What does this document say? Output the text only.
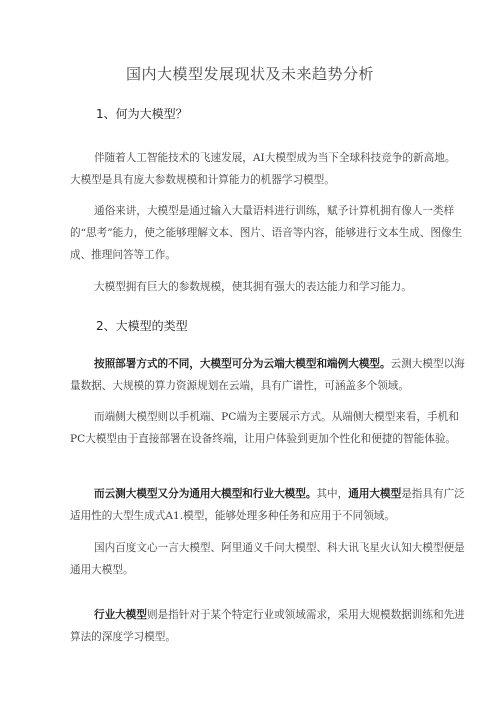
国内大模型发展现状及未来趋势分析
1、何为大模型？

伴随着人工智能技术的飞速发展，AI大模型成为当下全球科技竞争的新高地。大模型是具有庞大参数规模和计算能力的机器学习模型。

通俗来讲，大模型是通过输入大量语料进行训练，赋予计算机拥有像人一类样的“思考”能力，使之能够理解文本、图片、语音等内容，能够进行文本生成、图像生成、推理问答等工作。

大模型拥有巨大的参数规模，使其拥有强大的表达能力和学习能力。

2、大模型的类型

按照部署方式的不同，大模型可分为云端大模型和端例大模型。云测大模型以海量数据、大规模的算力资源规划在云端，具有广谱性，可涵盖多个领域。

而端侧大模型则以手机端、PC端为主要展示方式。从端侧大模型来看，手机和PC大模型由于直接部署在设备终端，让用户体验到更加个性化和便捷的智能体验。

而云测大模型又分为通用大模型和行业大模型。其中，通用大模型是指具有广泛适用性的大型生成式A1.模型，能够处理多种任务和应用于不同领域。

国内百度文心一言大模型、阿里通义千问大模型、科大讯飞星火认知大模型便是通用大模型。

行业大模型则是指针对于某个特定行业或领域需求，采用大规模数据训练和先进算法的深度学习模型。
